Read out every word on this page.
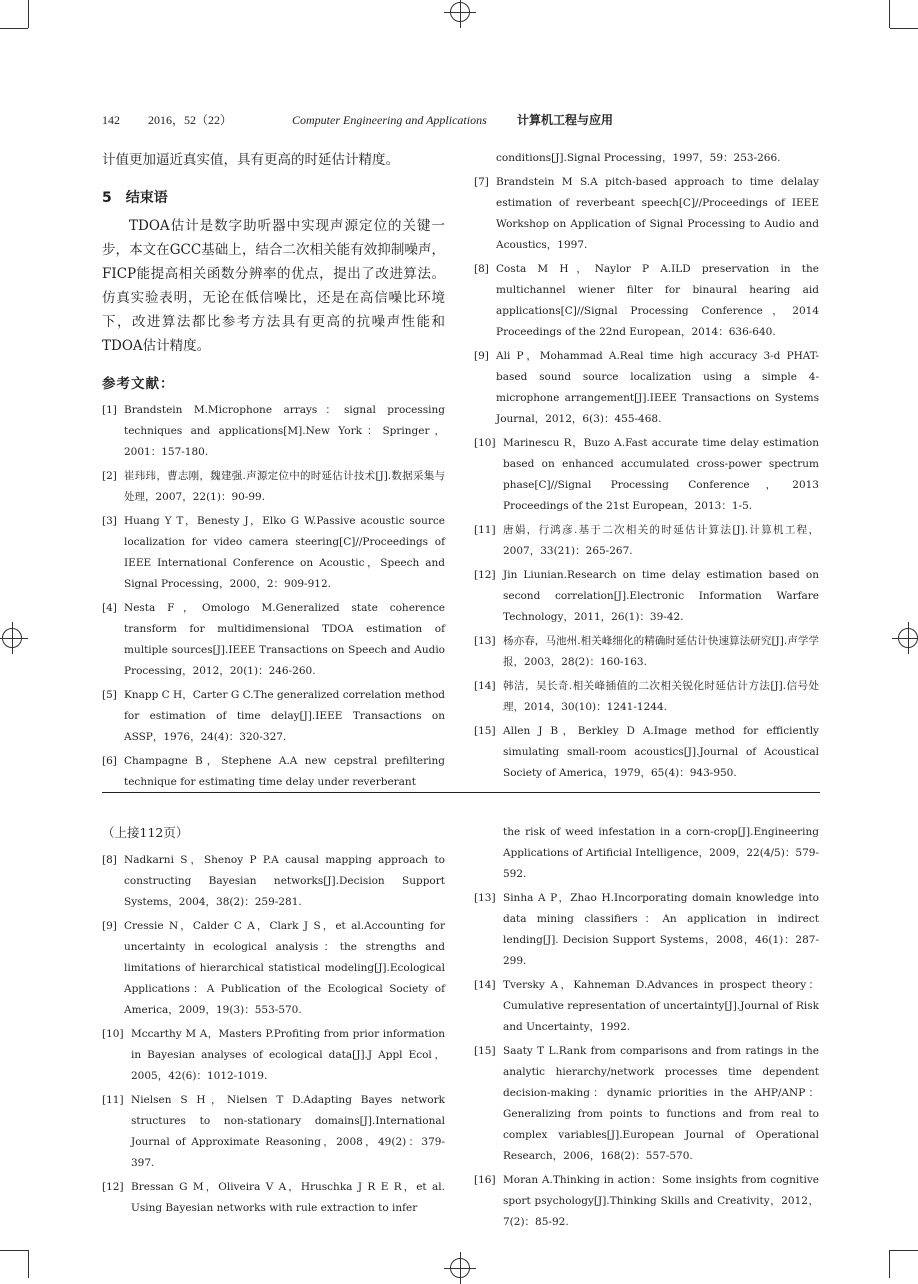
142 2016，52（22）	Computer Engineering and Applications	计算机工程与应用

计值更加逼近真实值，具有更高的时延估计精度。

5　结束语

TDOA估计是数字助听器中实现声源定位的关键一步，本文在GCC基础上，结合二次相关能有效抑制噪声，FICP能提高相关函数分辨率的优点，提出了改进算法。仿真实验表明，无论在低信噪比，还是在高信噪比环境下，改进算法都比参考方法具有更高的抗噪声性能和TDOA估计精度。

参考文献：
[1] Brandstein M.Microphone arrays：signal processing techniques and applications[M].New York：Springer，2001：157-180.
[2] 崔玮玮，曹志刚，魏建强.声源定位中的时延估计技术[J].数据采集与处理，2007，22(1)：90-99.
[3] Huang Y T，Benesty J，Elko G W.Passive acoustic source localization for video camera steering[C]//Proceedings of IEEE International Conference on Acoustic，Speech and Signal Processing，2000，2：909-912.
[4] Nesta F，Omologo M.Generalized state coherence transform for multidimensional TDOA estimation of multiple sources[J].IEEE Transactions on Speech and Audio Processing，2012，20(1)：246-260.
[5] Knapp C H，Carter G C.The generalized correlation method for estimation of time delay[J].IEEE Transactions on ASSP，1976，24(4)：320-327.
[6] Champagne B，Stephene A.A new cepstral prefiltering technique for estimating time delay under reverberant
conditions[J].Signal Processing，1997，59：253-266.
[7] Brandstein M S.A pitch-based approach to time delalay estimation of reverbeant speech[C]//Proceedings of IEEE Workshop on Application of Signal Processing to Audio and Acoustics，1997.
[8] Costa M H，Naylor P A.ILD preservation in the multichannel wiener filter for binaural hearing aid applications[C]//Signal Processing Conference，2014 Proceedings of the 22nd European，2014：636-640.
[9] Ali P，Mohammad A.Real time high accuracy 3-d PHAT-based sound source localization using a simple 4-microphone arrangement[J].IEEE Transactions on Systems Journal，2012，6(3)：455-468.
[10] Marinescu R，Buzo A.Fast accurate time delay estimation based on enhanced accumulated cross-power spectrum phase[C]//Signal Processing Conference，2013 Proceedings of the 21st European，2013：1-5.
[11] 唐娟，行鸿彦.基于二次相关的时延估计算法[J].计算机工程，2007，33(21)：265-267.
[12] Jin Liunian.Research on time delay estimation based on second correlation[J].Electronic Information Warfare Technology，2011，26(1)：39-42.
[13] 杨亦春，马池州.相关峰细化的精确时延估计快速算法研究[J].声学学报，2003，28(2)：160-163.
[14] 韩洁，吴长奇.相关峰插值的二次相关锐化时延估计方法[J].信号处理，2014，30(10)：1241-1244.
[15] Allen J B，Berkley D A.Image method for efficiently simulating small-room acoustics[J].Journal of Acoustical Society of America，1979，65(4)：943-950.

（上接112页）

[8] Nadkarni S，Shenoy P P.A causal mapping approach to constructing Bayesian networks[J].Decision Support Systems，2004，38(2)：259-281.
[9] Cressie N，Calder C A，Clark J S，et al.Accounting for uncertainty in ecological analysis：the strengths and limitations of hierarchical statistical modeling[J].Ecological Applications：A Publication of the Ecological Society of America，2009，19(3)：553-570.
[10] Mccarthy M A，Masters P.Profiting from prior information in Bayesian analyses of ecological data[J].J Appl Ecol，2005，42(6)：1012-1019.
[11] Nielsen S H，Nielsen T D.Adapting Bayes network structures to non-stationary domains[J].International Journal of Approximate Reasoning，2008，49(2)：379-397.
[12] Bressan G M，Oliveira V A，Hruschka J R E R，et al. Using Bayesian networks with rule extraction to infer
the risk of weed infestation in a corn-crop[J].Engineering Applications of Artificial Intelligence，2009，22(4/5)：579-592.
[13] Sinha A P，Zhao H.Incorporating domain knowledge into data mining classifiers：An application in indirect lending[J]. Decision Support Systems，2008，46(1)：287-299.
[14] Tversky A，Kahneman D.Advances in prospect theory：Cumulative representation of uncertainty[J].Journal of Risk and Uncertainty，1992.
[15] Saaty T L.Rank from comparisons and from ratings in the analytic hierarchy/network processes time dependent decision-making：dynamic priorities in the AHP/ANP：Generalizing from points to functions and from real to complex variables[J].European Journal of Operational Research，2006，168(2)：557-570.
[16] Moran A.Thinking in action：Some insights from cognitive sport psychology[J].Thinking Skills and Creativity，2012，7(2)：85-92.
